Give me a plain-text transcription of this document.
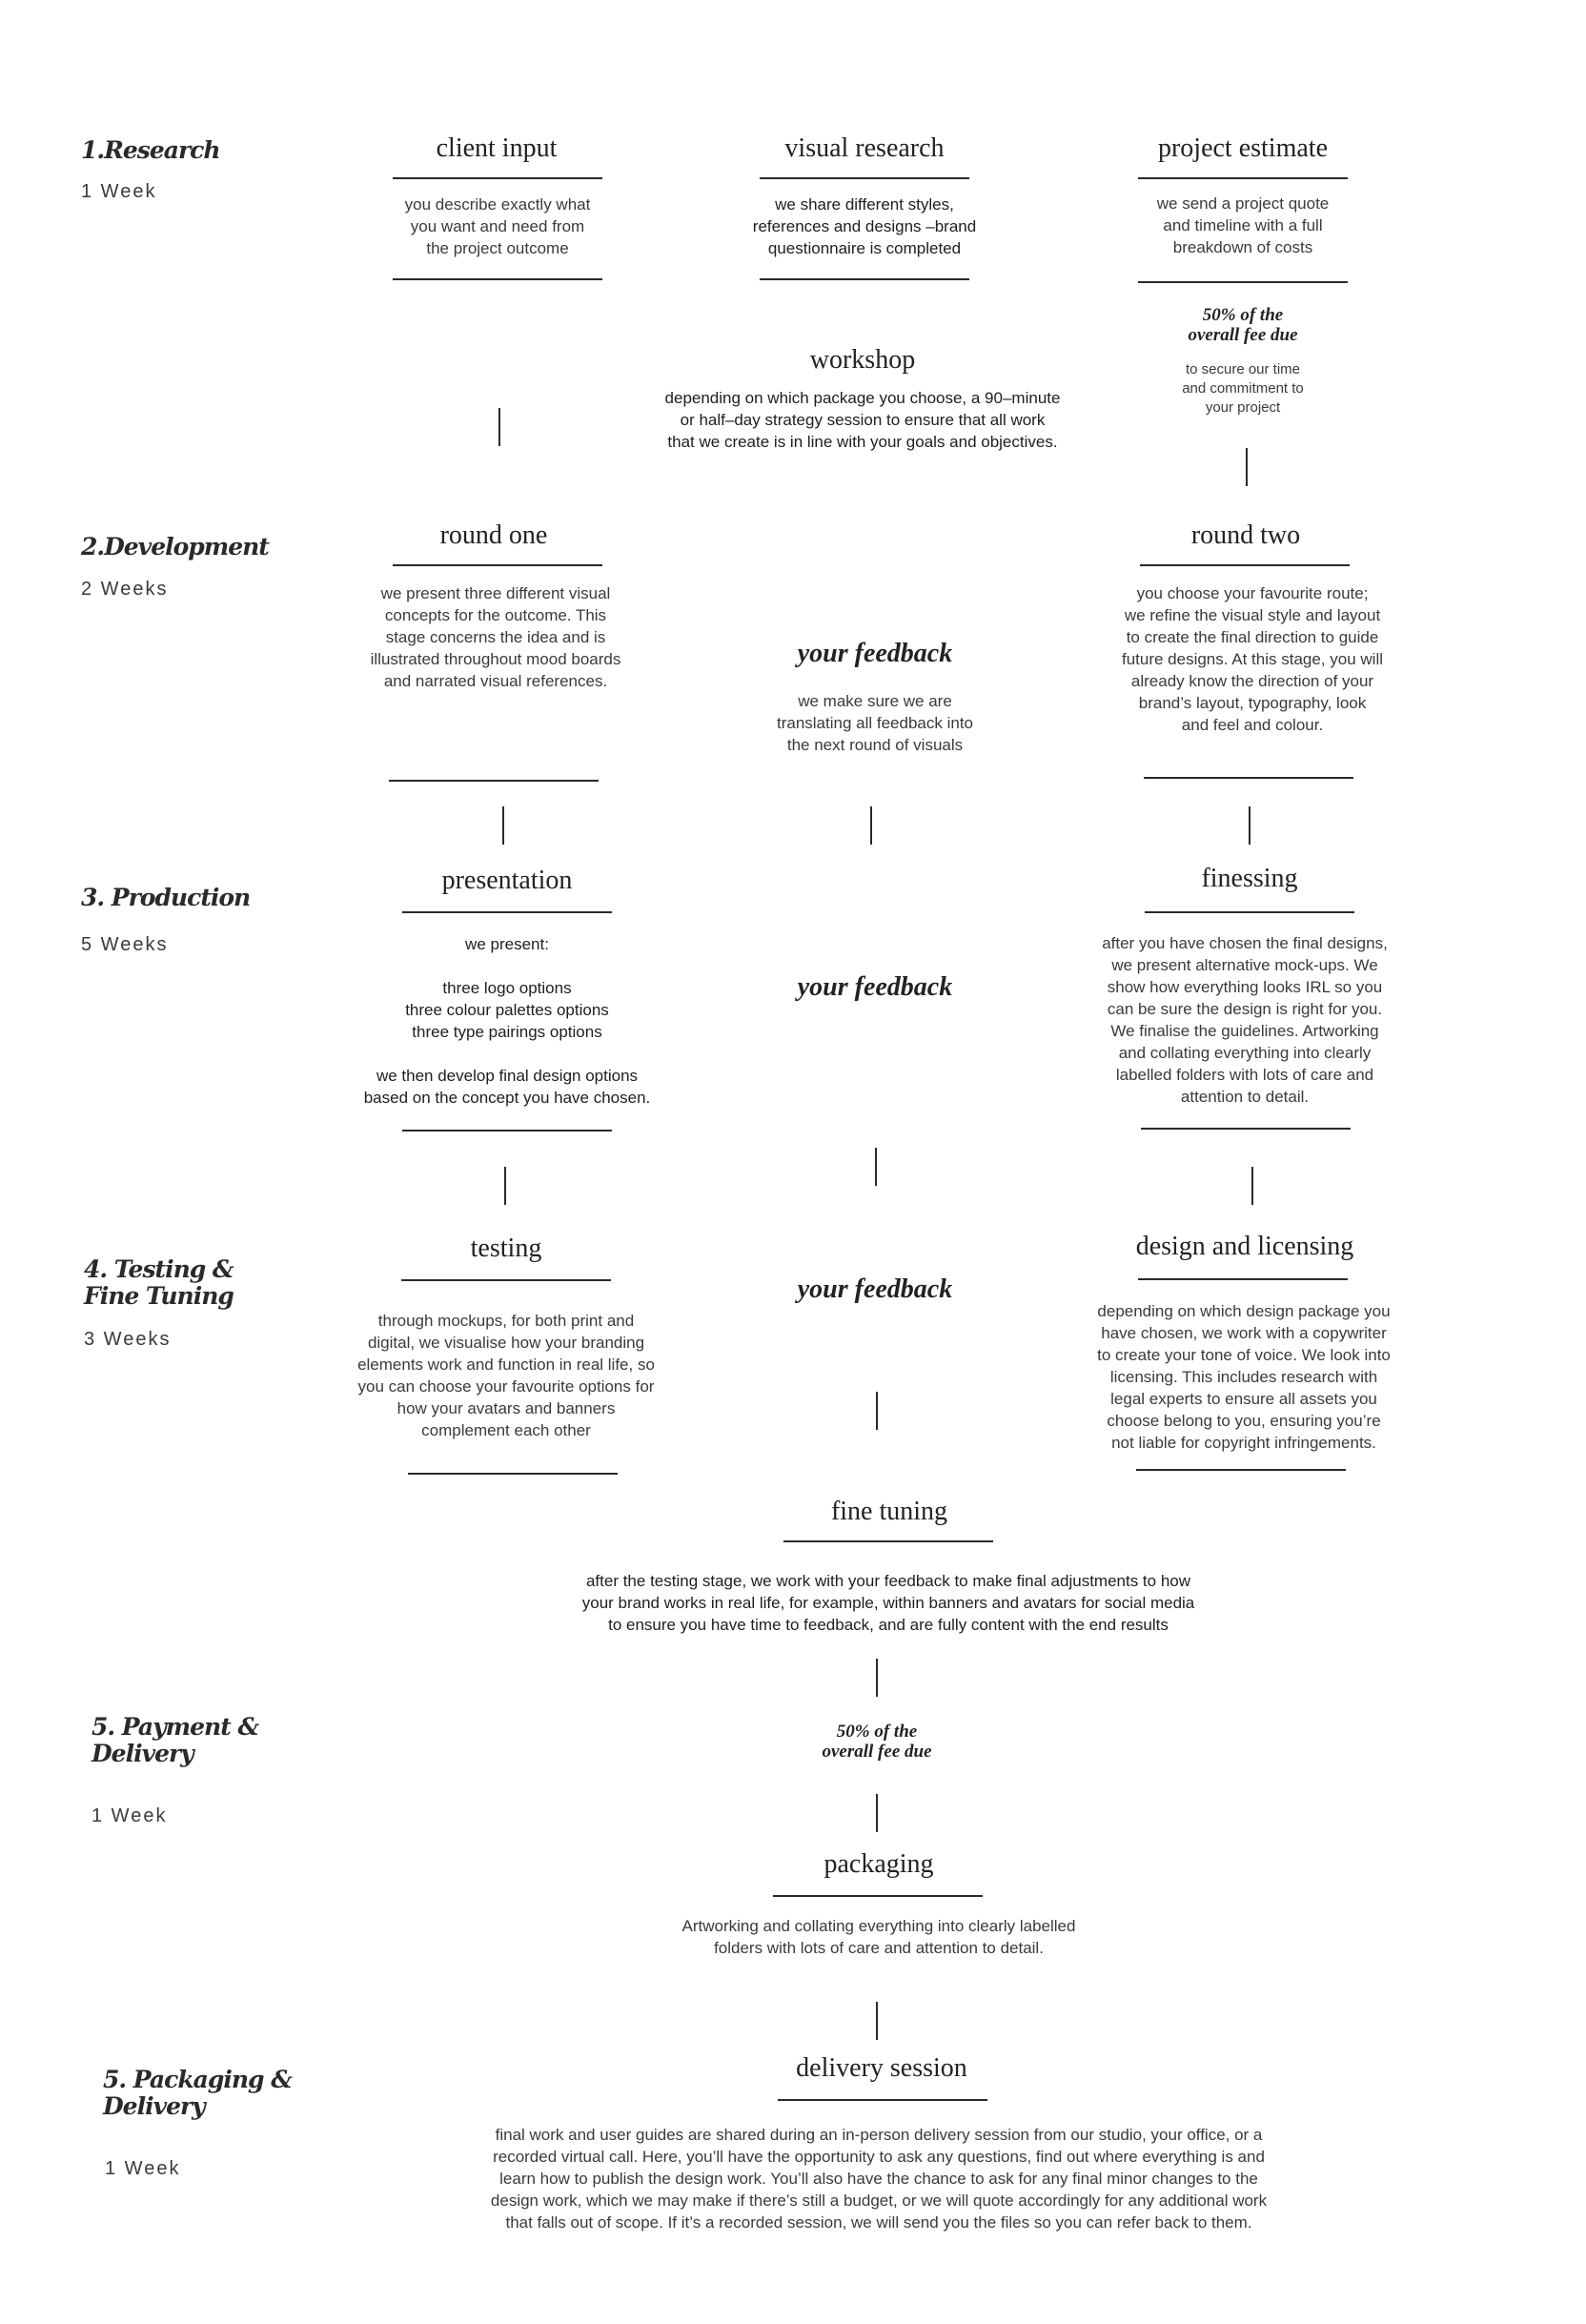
1.Research
1 Week
2.Development
2 Weeks
3. Production
5 Weeks
4. Testing &
Fine Tuning
3 Weeks
5. Payment &
Delivery
1 Week
5. Packaging &
Delivery
1 Week
client input
you describe exactly what
you want and need from
the project outcome
visual research
we share different styles,
references and designs –brand
questionnaire is completed
project estimate
we send a project quote
and timeline with a full
breakdown of costs
50% of the
overall fee due
to secure our time
and commitment to
your project
workshop
depending on which package you choose, a 90–minute
or half–day strategy session to ensure that all work
that we create is in line with your goals and objectives.
round one
we present three different visual
concepts for the outcome. This
stage concerns the idea and is
illustrated throughout mood boards
and narrated visual references.
your feedback
we make sure we are
translating all feedback into
the next round of visuals
round two
you choose your favourite route;
we refine the visual style and layout
to create the final direction to guide
future designs. At this stage, you will
already know the direction of your
brand’s layout, typography, look
and feel and colour.
presentation
we present:

three logo options
three colour palettes options
three type pairings options

we then develop final design options
based on the concept you have chosen.
your feedback
finessing
after you have chosen the final designs,
we present alternative mock-ups. We
show how everything looks IRL so you
can be sure the design is right for you.
We finalise the guidelines. Artworking
and collating everything into clearly
labelled folders with lots of care and
attention to detail.
testing
through mockups, for both print and
digital, we visualise how your branding
elements work and function in real life, so
you can choose your favourite options for
how your avatars and banners
complement each other
your feedback
design and licensing
depending on which design package you
have chosen, we work with a copywriter
to create your tone of voice. We look into
licensing. This includes research with
legal experts to ensure all assets you
choose belong to you, ensuring you’re
not liable for copyright infringements.
fine tuning
after the testing stage, we work with your feedback to make final adjustments to how
your brand works in real life, for example, within banners and avatars for social media
to ensure you have time to feedback, and are fully content with the end results
50% of the
overall fee due
packaging
Artworking and collating everything into clearly labelled
folders with lots of care and attention to detail.
delivery session
final work and user guides are shared during an in-person delivery session from our studio, your office, or a
recorded virtual call. Here, you’ll have the opportunity to ask any questions, find out where everything is and
learn how to publish the design work. You’ll also have the chance to ask for any final minor changes to the
design work, which we may make if there’s still a budget, or we will quote accordingly for any additional work
that falls out of scope. If it’s a recorded session, we will send you the files so you can refer back to them.
